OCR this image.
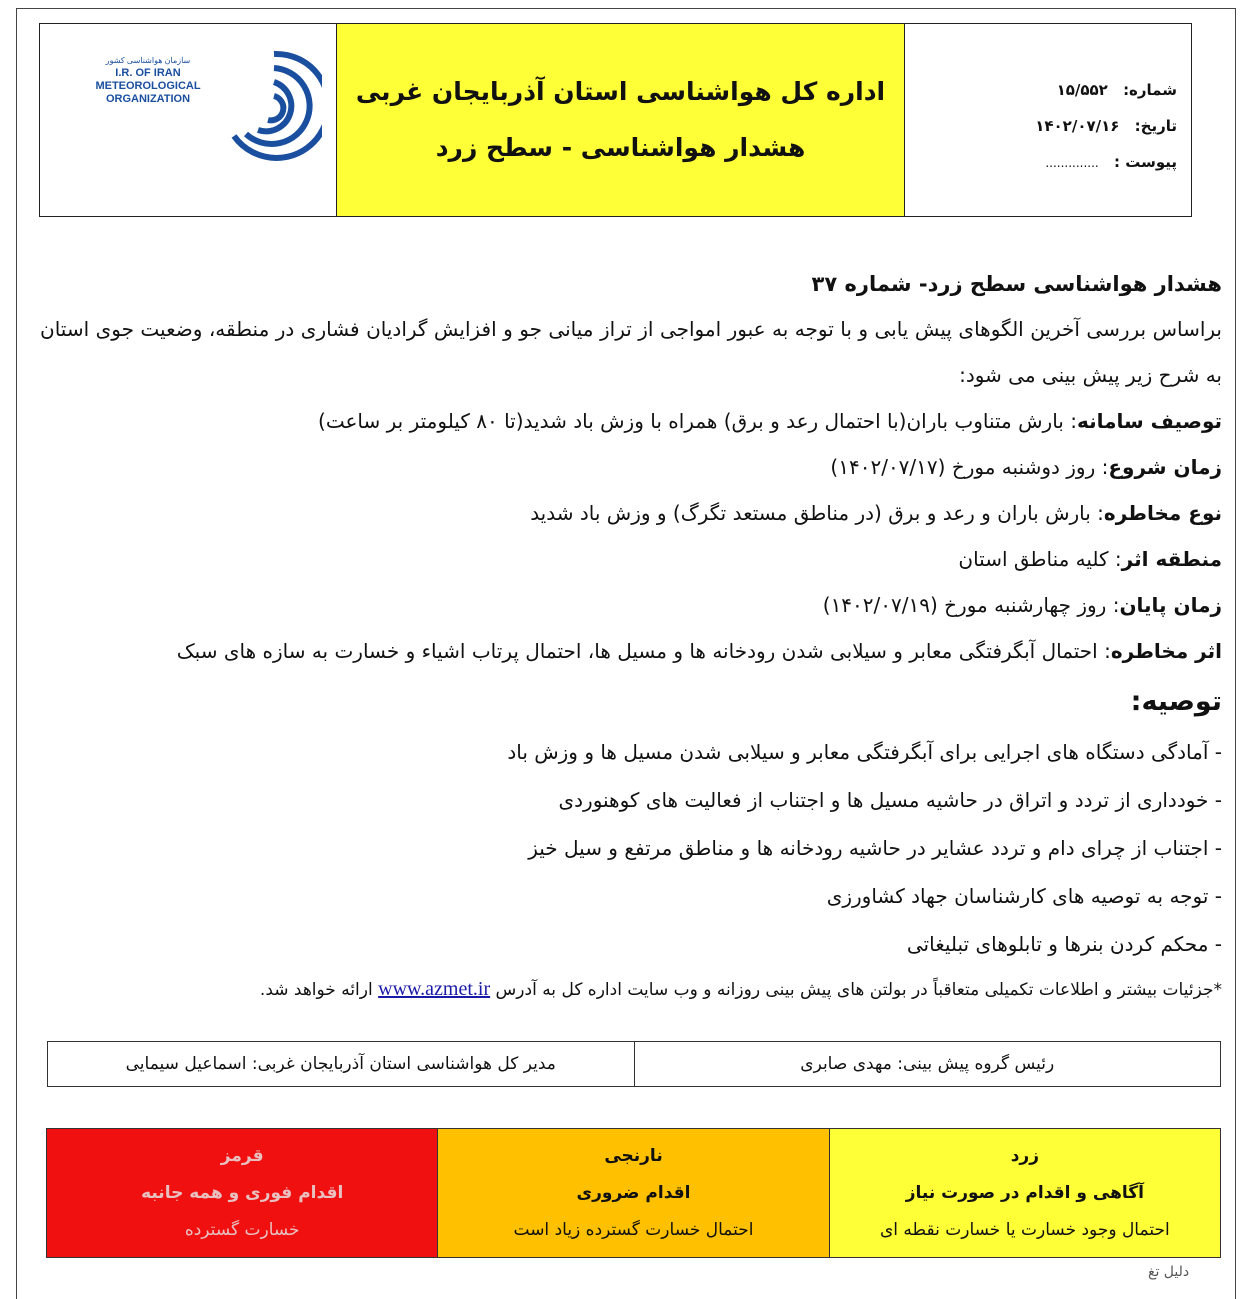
سازمان هواشناسی کشور
I.R. OF IRAN
METEOROLOGICAL
ORGANIZATION	اداره کل هواشناسی استان آذربایجان غربی
هشدار هواشناسی - سطح زرد
شماره: ۱۵/۵۵۲
تاریخ: ۱۴۰۲/۰۷/۱۶
پیوست : ..............
هشدار هواشناسی سطح زرد- شماره ۳۷
براساس بررسی آخرین الگوهای پیش یابی و با توجه به عبور امواجی از تراز میانی جو و افزایش گرادیان فشاری در منطقه، وضعیت جوی استان به شرح زیر پیش بینی می شود:
توصیف سامانه: بارش متناوب باران(با احتمال رعد و برق) همراه با وزش باد شدید(تا ۸۰ کیلومتر بر ساعت)
زمان شروع: روز دوشنبه مورخ (۱۴۰۲/۰۷/۱۷)
نوع مخاطره: بارش باران و رعد و برق (در مناطق مستعد تگرگ) و وزش باد شدید
منطقه اثر: کلیه مناطق استان
زمان پایان: روز چهارشنبه مورخ (۱۴۰۲/۰۷/۱۹)
اثر مخاطره: احتمال آبگرفتگی معابر و سیلابی شدن رودخانه ها و مسیل ها، احتمال پرتاب اشیاء و خسارت به سازه های سبک
توصیه:
- آمادگی دستگاه های اجرایی برای آبگرفتگی معابر و سیلابی شدن مسیل ها و وزش باد
- خودداری از تردد و اتراق در حاشیه مسیل ها و اجتناب از فعالیت های کوهنوردی
- اجتناب از چرای دام و تردد عشایر در حاشیه رودخانه ها و مناطق مرتفع و سیل خیز
- توجه به توصیه های کارشناسان جهاد کشاورزی
- محکم کردن بنرها و تابلوهای تبلیغاتی
*جزئیات بیشتر و اطلاعات تکمیلی متعاقباً در بولتن های پیش بینی روزانه و وب سایت اداره کل به آدرس www.azmet.ir ارائه خواهد شد.
رئیس گروه پیش بینی: مهدی صابری
مدیر کل هواشناسی استان آذربایجان غربی: اسماعیل سیمایی
زرد
آگاهی و اقدام در صورت نیاز
احتمال وجود خسارت یا خسارت نقطه ای
نارنجی
اقدام ضروری
احتمال خسارت گسترده زیاد است
قرمز
اقدام فوری و همه جانبه
خسارت گسترده
دلیل تغ
